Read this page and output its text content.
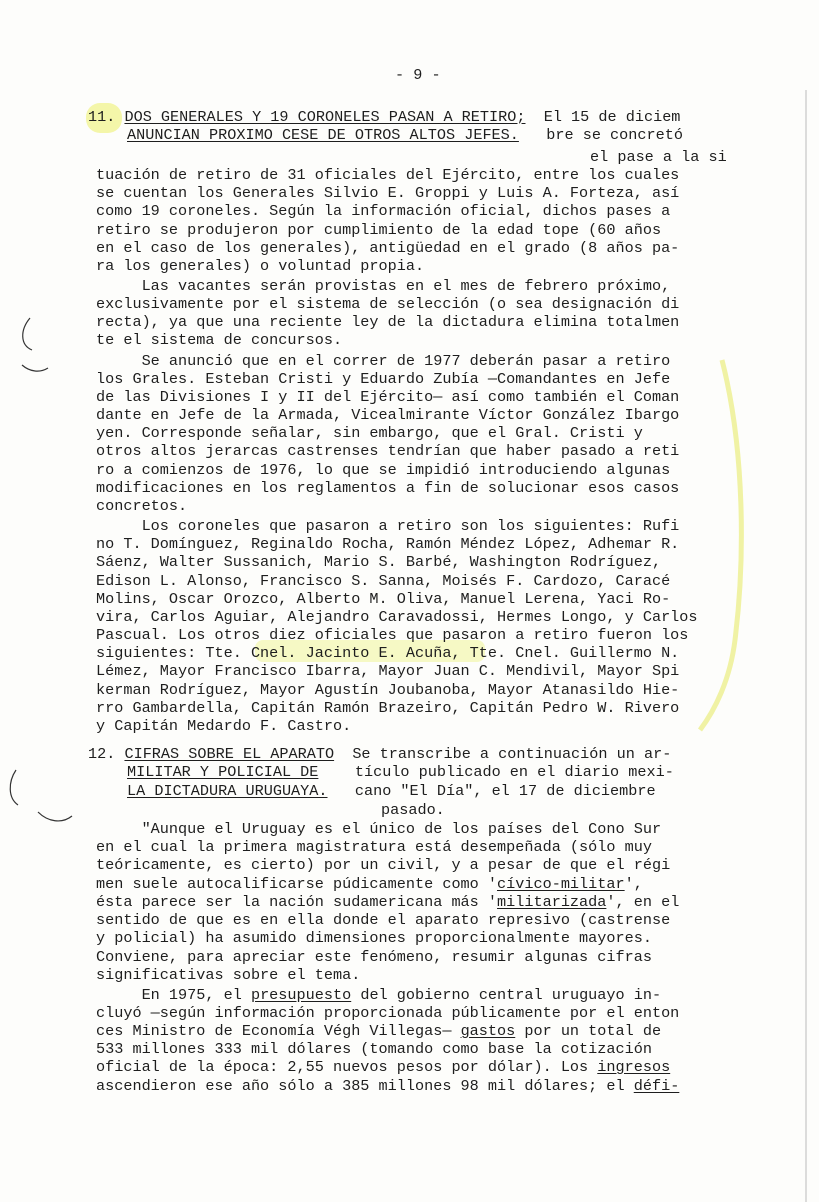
- 9 -
11. DOS GENERALES Y 19 CORONELES PASAN A RETIRO;  El 15 de diciem
ANUNCIAN PROXIMO CESE DE OTROS ALTOS JEFES.   bre se concretó
el pase a la si
tuación de retiro de 31 oficiales del Ejército, entre los cuales
se cuentan los Generales Silvio E. Groppi y Luis A. Forteza, así
como 19 coroneles. Según la información oficial, dichos pases a
retiro se produjeron por cumplimiento de la edad tope (60 años
en el caso de los generales), antigüedad en el grado (8 años pa-
ra los generales) o voluntad propia.
Las vacantes serán provistas en el mes de febrero próximo,
exclusivamente por el sistema de selección (o sea designación di
recta), ya que una reciente ley de la dictadura elimina totalmen
te el sistema de concursos.
Se anunció que en el correr de 1977 deberán pasar a retiro
los Grales. Esteban Cristi y Eduardo Zubía —Comandantes en Jefe
de las Divisiones I y II del Ejército— así como también el Coman
dante en Jefe de la Armada, Vicealmirante Víctor González Ibargo
yen. Corresponde señalar, sin embargo, que el Gral. Cristi y
otros altos jerarcas castrenses tendrían que haber pasado a reti
ro a comienzos de 1976, lo que se impidió introduciendo algunas
modificaciones en los reglamentos a fin de solucionar esos casos
concretos.
Los coroneles que pasaron a retiro son los siguientes: Rufi
no T. Domínguez, Reginaldo Rocha, Ramón Méndez López, Adhemar R.
Sáenz, Walter Sussanich, Mario S. Barbé, Washington Rodríguez,
Edison L. Alonso, Francisco S. Sanna, Moisés F. Cardozo, Caracé
Molins, Oscar Orozco, Alberto M. Oliva, Manuel Lerena, Yaci Ro-
vira, Carlos Aguiar, Alejandro Caravadossi, Hermes Longo, y Carlos
Pascual. Los otros diez oficiales que pasaron a retiro fueron los
siguientes: Tte. Cnel. Jacinto E. Acuña, Tte. Cnel. Guillermo N.
Lémez, Mayor Francisco Ibarra, Mayor Juan C. Mendivil, Mayor Spi
kerman Rodríguez, Mayor Agustín Joubanoba, Mayor Atanasildo Hie-
rro Gambardella, Capitán Ramón Brazeiro, Capitán Pedro W. Rivero
y Capitán Medardo F. Castro.
12. CIFRAS SOBRE EL APARATO  Se transcribe a continuación un ar-
MILITAR Y POLICIAL DE    tículo publicado en el diario mexi-
LA DICTADURA URUGUAYA.   cano "El Día", el 17 de diciembre
pasado.
"Aunque el Uruguay es el único de los países del Cono Sur
en el cual la primera magistratura está desempeñada (sólo muy
teóricamente, es cierto) por un civil, y a pesar de que el régi
men suele autocalificarse púdicamente como 'cívico-militar',
ésta parece ser la nación sudamericana más 'militarizada', en el
sentido de que es en ella donde el aparato represivo (castrense
y policial) ha asumido dimensiones proporcionalmente mayores.
Conviene, para apreciar este fenómeno, resumir algunas cifras
significativas sobre el tema.
En 1975, el presupuesto del gobierno central uruguayo in-
cluyó —según información proporcionada públicamente por el enton
ces Ministro de Economía Végh Villegas— gastos por un total de
533 millones 333 mil dólares (tomando como base la cotización
oficial de la época: 2,55 nuevos pesos por dólar). Los ingresos
ascendieron ese año sólo a 385 millones 98 mil dólares; el défi-
